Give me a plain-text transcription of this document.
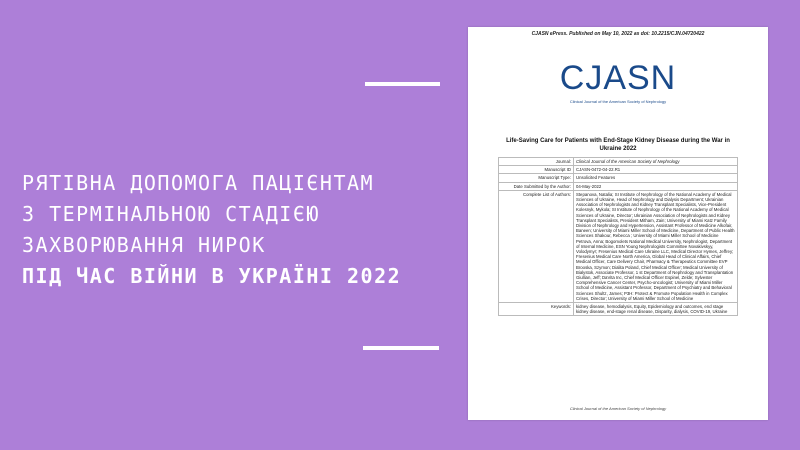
РЯТІВНА ДОПОМОГА ПАЦІЄНТАМ
З ТЕРМІНАЛЬНОЮ СТАДІЄЮ
ЗАХВОРЮВАННЯ НИРОК
ПІД ЧАС ВІЙНИ В УКРАЇНІ 2022
CJASN ePress. Published on May 10, 2022 as doi: 10.2215/CJN.04720422
CJASN
Clinical Journal of the American Society of Nephrology
Life-Saving Care for Patients with End-Stage Kidney Disease during the War in Ukraine 2022
Journal:	Clinical Journal of the American Society of Nephrology
Manuscript ID	CJASN-0472-04-22.R1
Manuscript Type:	Unsolicited Features
Date Submitted by the Author:	04-May-2022
Complete List of Authors:	Stepanova, Natalia; SI Institute of Nephrology of the National Academy of Medical Sciences of Ukraine, Head of Nephrology and Dialysis Department; Ukrainian Association of Nephrologists and Kidney Transplant Specialists, Vice-President Kolesnyk, Mykola; SI Institute of Nephrology of the National Academy of Medical Sciences of Ukraine, Director; Ukrainian Association of Nephrologists and Kidney Transplant Specialists, President Mitham, Zain; University of Miami Katz Family Division of Nephrology and Hypertension, Assistant Professor of Medicine Alkofair, Baneen; University of Miami Miller School of Medicine, Department of Public Health Sciences Shakour, Rebecca ; University of Miami Miller School of Medicine Petrova, Anna; Bogomolets National Medical University, Nephrologist, Department of Internal Medicine, ESN Young Nephrologists Committee Novakivskyy, Volodymyr; Fresenius Medical Care Ukraine LLC, Medical Director Hymes, Jeffrey; Fresenius Medical Care North America, Global Head of Clinical Affairs, Chief Medical Officer, Care Delivery Chair, Pharmacy & Therapeutics Committee EVP Brooska, Szymon; Dialita Poland, Chief Medical Officer; Medical University of Bialystok, Associate Professor, 1 st Department of Nephrology and Transplantation Giullian, Jeff; DaVita Inc, Chief Medical Officer Espinel, Zelde; Sylvester Comprehensive Cancer Center, Psycho-oncologist; University of Miami Miller School of Medicine, Assistant Professor, Department of Psychiatry and Behavioral Sciences Shultz, James; P3H: Protect & Promote Population Health in Complex Crises, Director; University of Miami Miller School of Medicine
Keywords:	kidney disease, hemodialysis, Equity, Epidemiology and outcomes, end stage kidney disease, end-stage renal disease, Disparity, dialysis, COVID-19, Ukraine
Clinical Journal of the American Society of Nephrology
